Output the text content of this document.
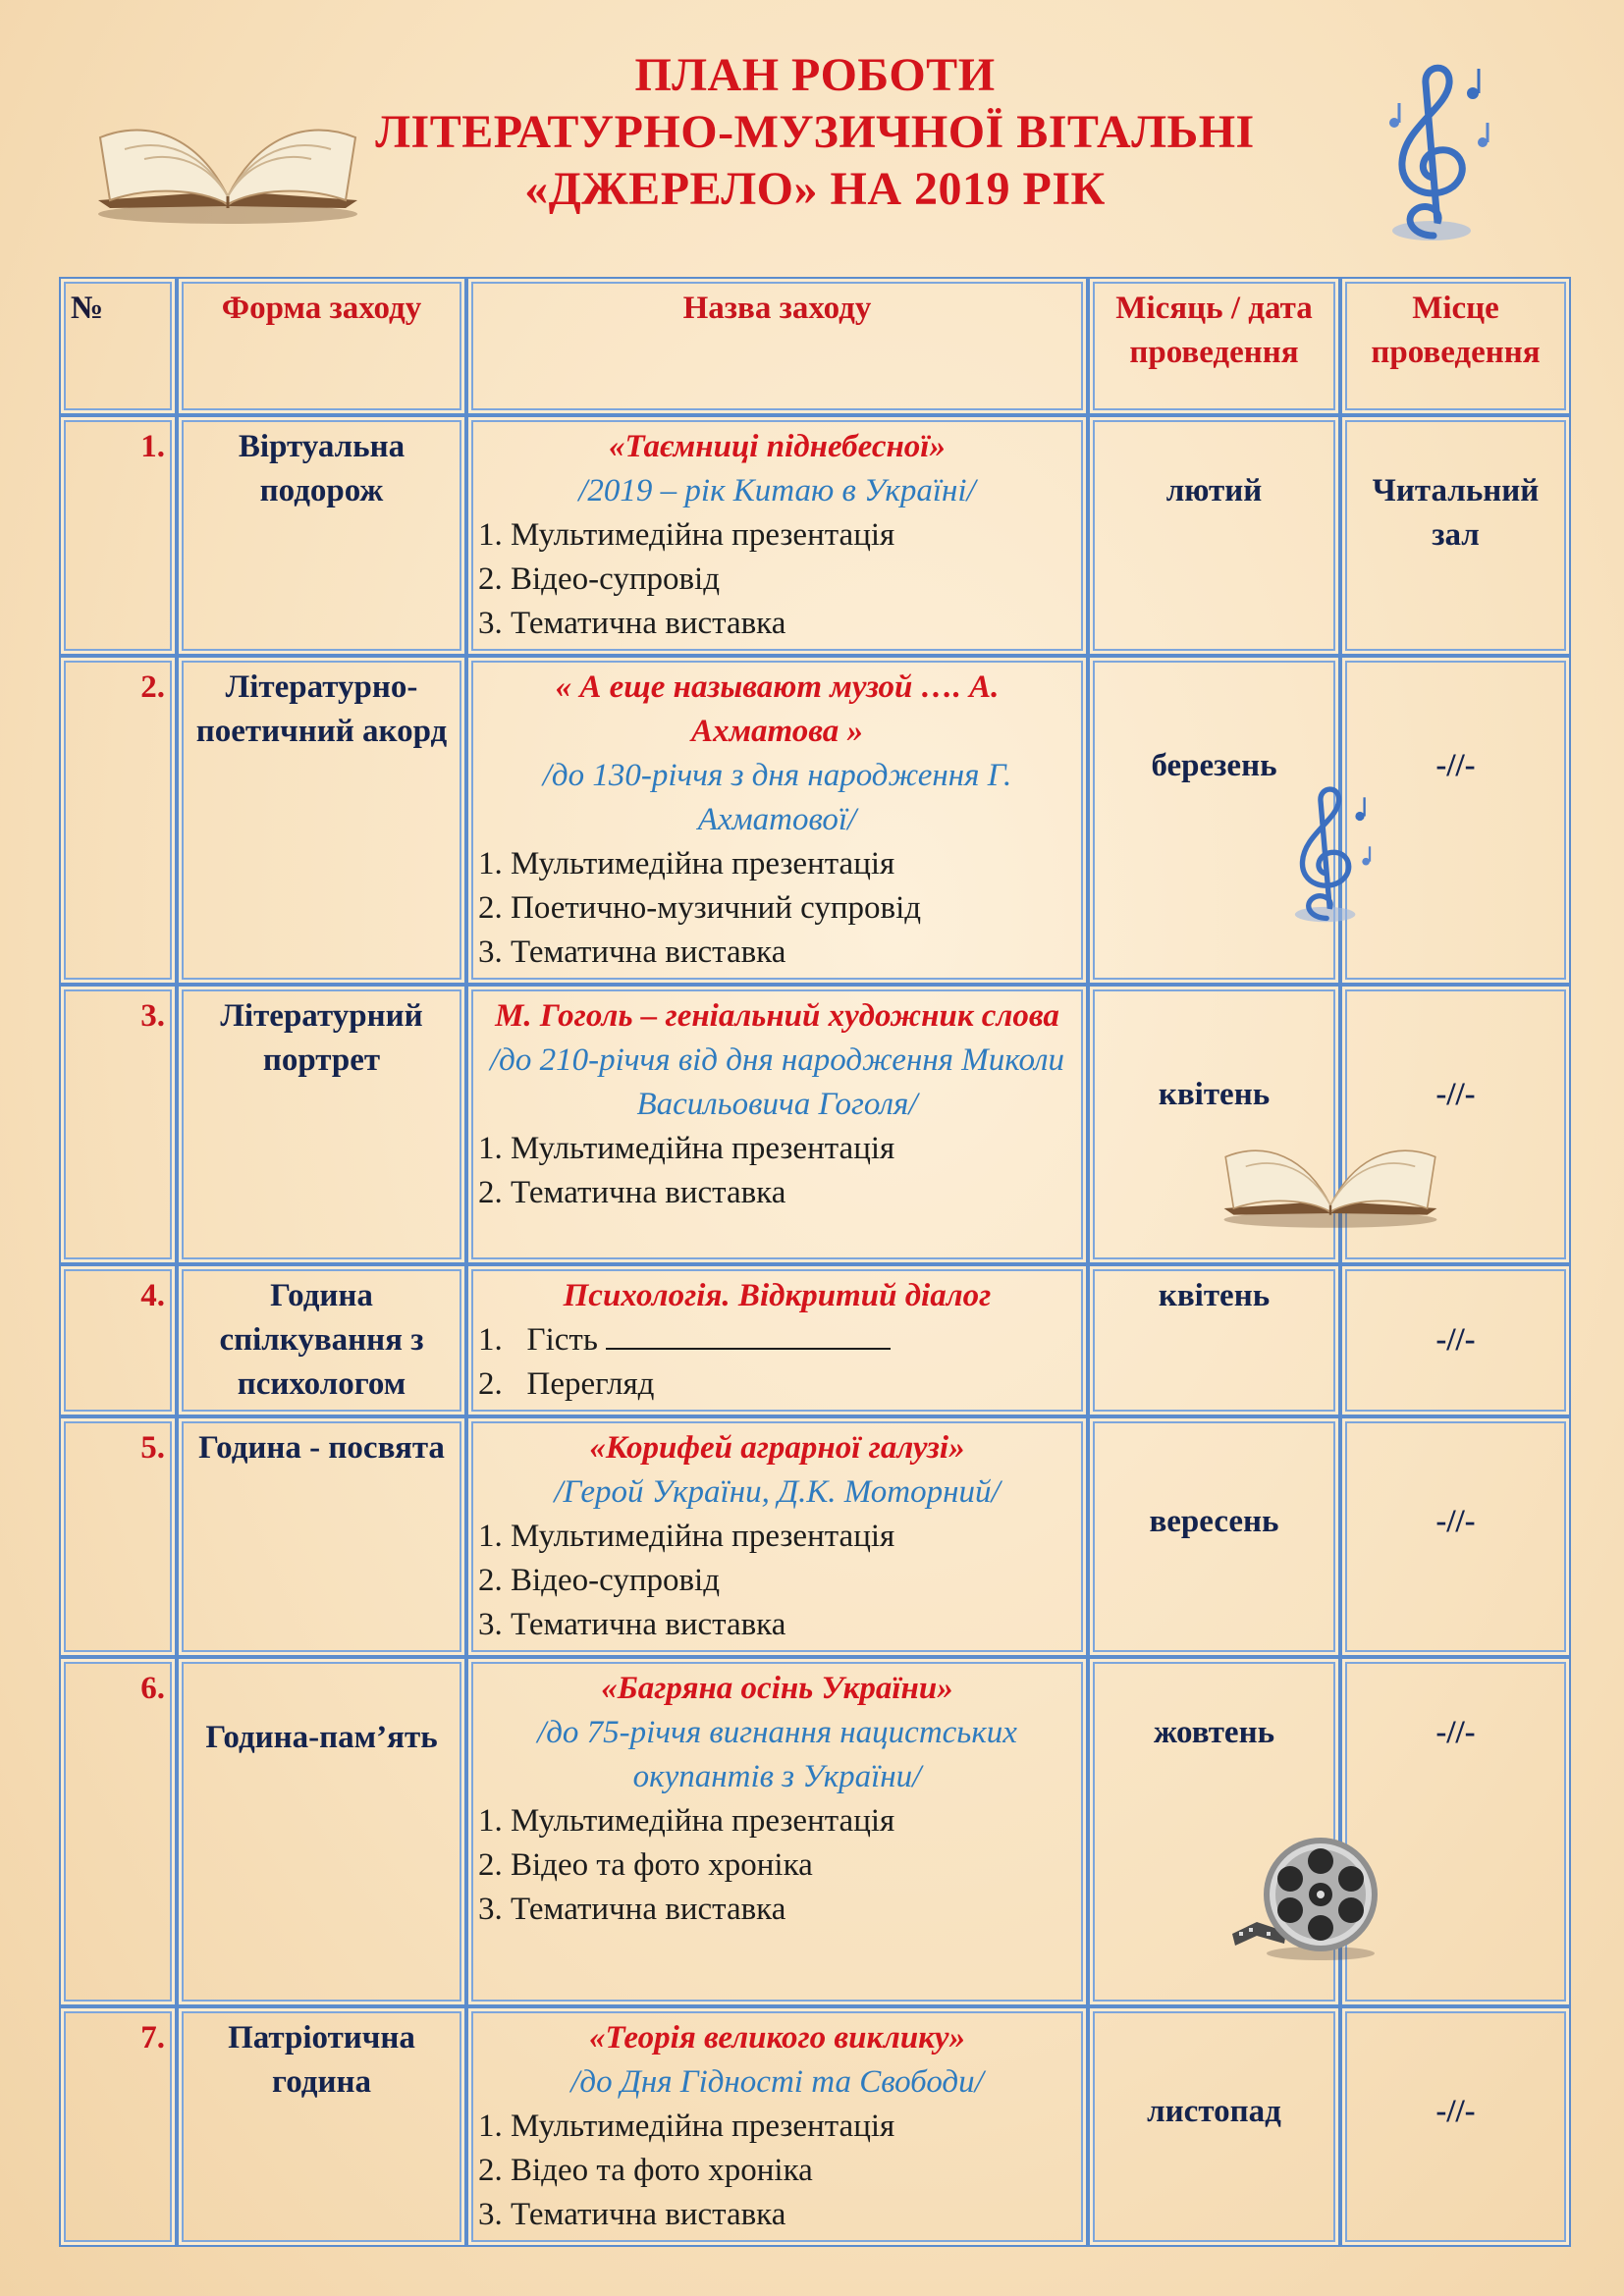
ПЛАН РОБОТИ
ЛІТЕРАТУРНО-МУЗИЧНОЇ ВІТАЛЬНІ
«ДЖЕРЕЛО» НА 2019 РІК
№	Форма заходу	Назва заходу	Місяць / дата проведення	Місце проведення
1.	Віртуальна подорож	«Таємниці піднебесної»
/2019 – рік Китаю в Україні/
1. Мультимедійна презентація
2. Відео-супровід
3. Тематична виставка	лютий	Читальний зал

2.	Літературно-поетичний акорд	« А еще называют музой …. А. Ахматова »
/до 130-річчя з дня народження Г. Ахматової/
1. Мультимедійна презентація
2. Поетично-музичний супровід
3. Тематична виставка	березень	-//-

3.	Літературний портрет	М. Гоголь – геніальний художник слова
/до 210-річчя від дня народження Миколи Васильовича Гоголя/
1. Мультимедійна презентація
2. Тематична виставка	квітень	-//-

4.	Година спілкування з психологом	Психологія. Відкритий діалог
1.   Гість
2.   Перегляд	квітень	-//-

5.	Година - посвята	«Корифей аграрної галузі»
/Герой України, Д.К. Моторний/
1. Мультимедійна презентація
2. Відео-супровід
3. Тематична виставка	вересень	-//-

6.	Година-пам’ять	«Багряна осінь України»
/до 75-річчя вигнання нацистських окупантів з України/
1. Мультимедійна презентація
2. Відео та фото хроніка
3. Тематична виставка	жовтень	-//-

7.	Патріотична година	«Теорія великого виклику»
/до Дня Гідності та Свободи/
1. Мультимедійна презентація
2. Відео та фото хроніка
3. Тематична виставка	листопад	-//-
